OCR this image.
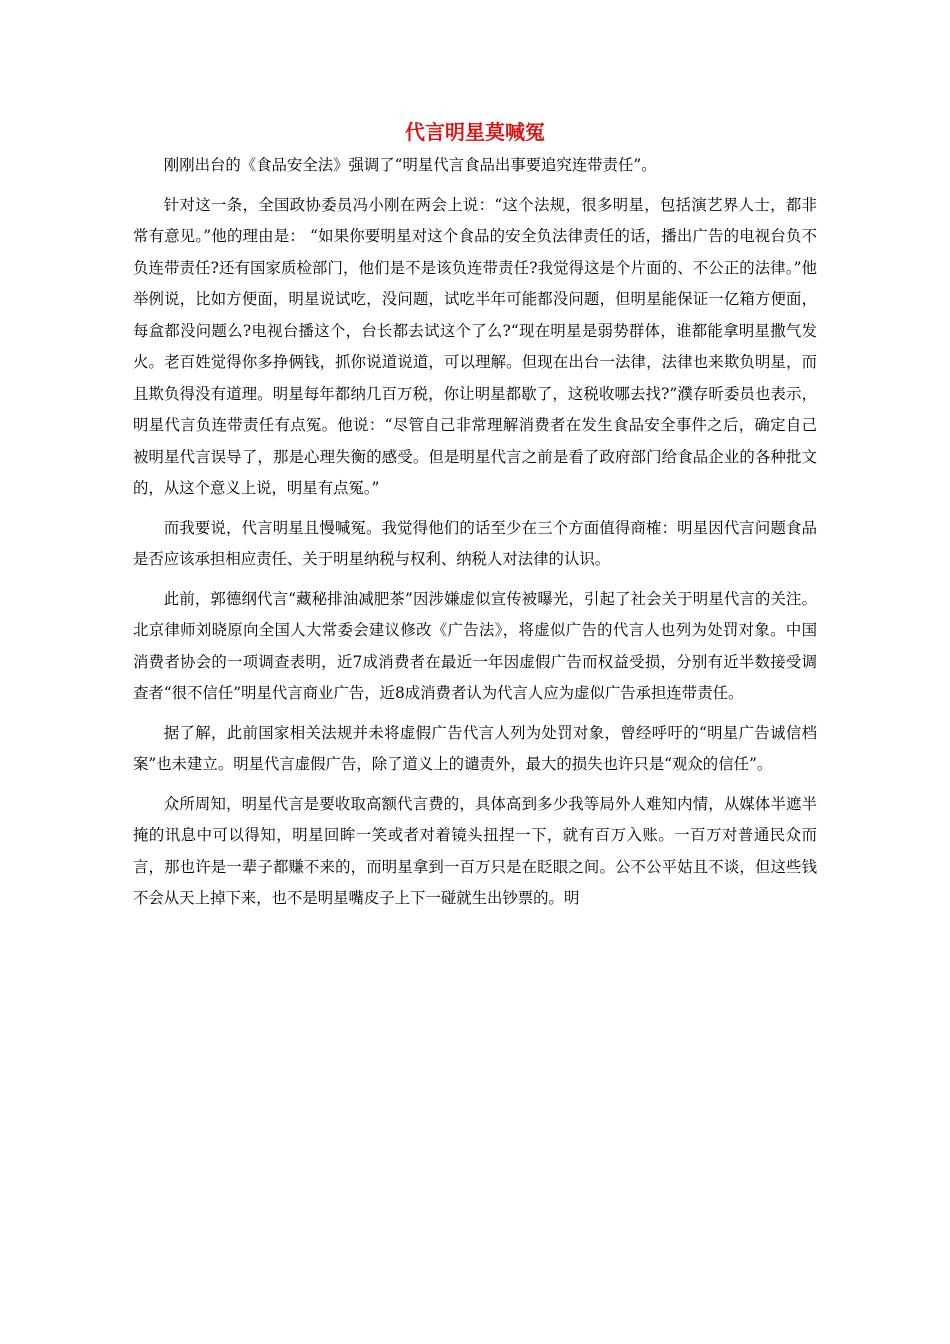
代言明星莫喊冤

刚刚出台的《食品安全法》强调了“明星代言食品出事要追究连带责任”。

针对这一条，全国政协委员冯小刚在两会上说：“这个法规，很多明星，包括演艺界人士，都非常有意见。”他的理由是： “如果你要明星对这个食品的安全负法律责任的话，播出广告的电视台负不负连带责任?还有国家质检部门，他们是不是该负连带责任?我觉得这是个片面的、不公正的法律。”他举例说，比如方便面，明星说试吃，没问题，试吃半年可能都没问题，但明星能保证一亿箱方便面，每盒都没问题么?电视台播这个，台长都去试这个了么?“现在明星是弱势群体，谁都能拿明星撒气发火。老百姓觉得你多挣俩钱，抓你说道说道，可以理解。但现在出台一法律，法律也来欺负明星，而且欺负得没有道理。明星每年都纳几百万税，你让明星都歇了，这税收哪去找?”濮存昕委员也表示，明星代言负连带责任有点冤。他说：“尽管自己非常理解消费者在发生食品安全事件之后，确定自己被明星代言误导了，那是心理失衡的感受。但是明星代言之前是看了政府部门给食品企业的各种批文的，从这个意义上说，明星有点冤。”

而我要说，代言明星且慢喊冤。我觉得他们的话至少在三个方面值得商榷：明星因代言问题食品是否应该承担相应责任、关于明星纳税与权利、纳税人对法律的认识。

此前，郭德纲代言“藏秘排油减肥茶”因涉嫌虚似宣传被曝光，引起了社会关于明星代言的关注。北京律师刘晓原向全国人大常委会建议修改《广告法》，将虚似广告的代言人也列为处罚对象。中国消费者协会的一项调查表明，近7成消费者在最近一年因虚假广告而权益受损，分别有近半数接受调查者“很不信任”明星代言商业广告，近8成消费者认为代言人应为虚似广告承担连带责任。

据了解，此前国家相关法规并未将虚假广告代言人列为处罚对象，曾经呼吁的“明星广告诚信档案”也未建立。明星代言虚假广告，除了道义上的谴责外，最大的损失也许只是“观众的信任”。

众所周知，明星代言是要收取高额代言费的，具体高到多少我等局外人难知内情，从媒体半遮半掩的讯息中可以得知，明星回眸一笑或者对着镜头扭捏一下，就有百万入账。一百万对普通民众而言，那也许是一辈子都赚不来的，而明星拿到一百万只是在眨眼之间。公不公平姑且不谈，但这些钱不会从天上掉下来，也不是明星嘴皮子上下一碰就生出钞票的。明
